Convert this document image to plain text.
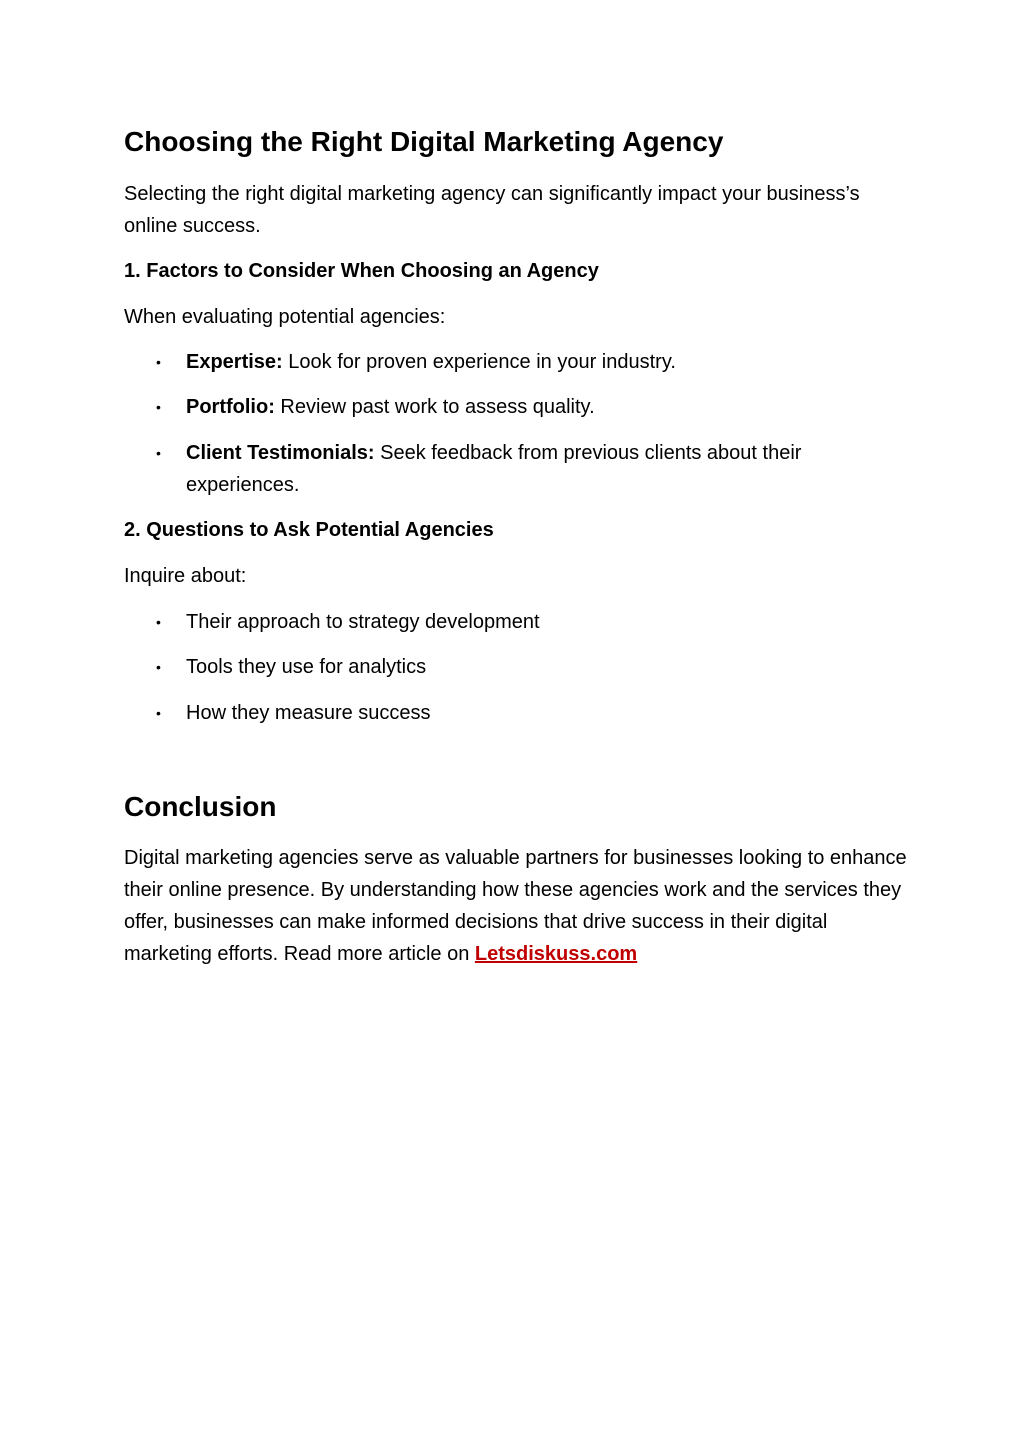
Choosing the Right Digital Marketing Agency

Selecting the right digital marketing agency can significantly impact your business’s online success.

1. Factors to Consider When Choosing an Agency

When evaluating potential agencies:

• Expertise: Look for proven experience in your industry.
• Portfolio: Review past work to assess quality.
• Client Testimonials: Seek feedback from previous clients about their experiences.
2. Questions to Ask Potential Agencies

Inquire about:

• Their approach to strategy development
• Tools they use for analytics
• How they measure success
Conclusion

Digital marketing agencies serve as valuable partners for businesses looking to enhance their online presence. By understanding how these agencies work and the services they offer, businesses can make informed decisions that drive success in their digital marketing efforts. Read more article on Letsdiskuss.com
